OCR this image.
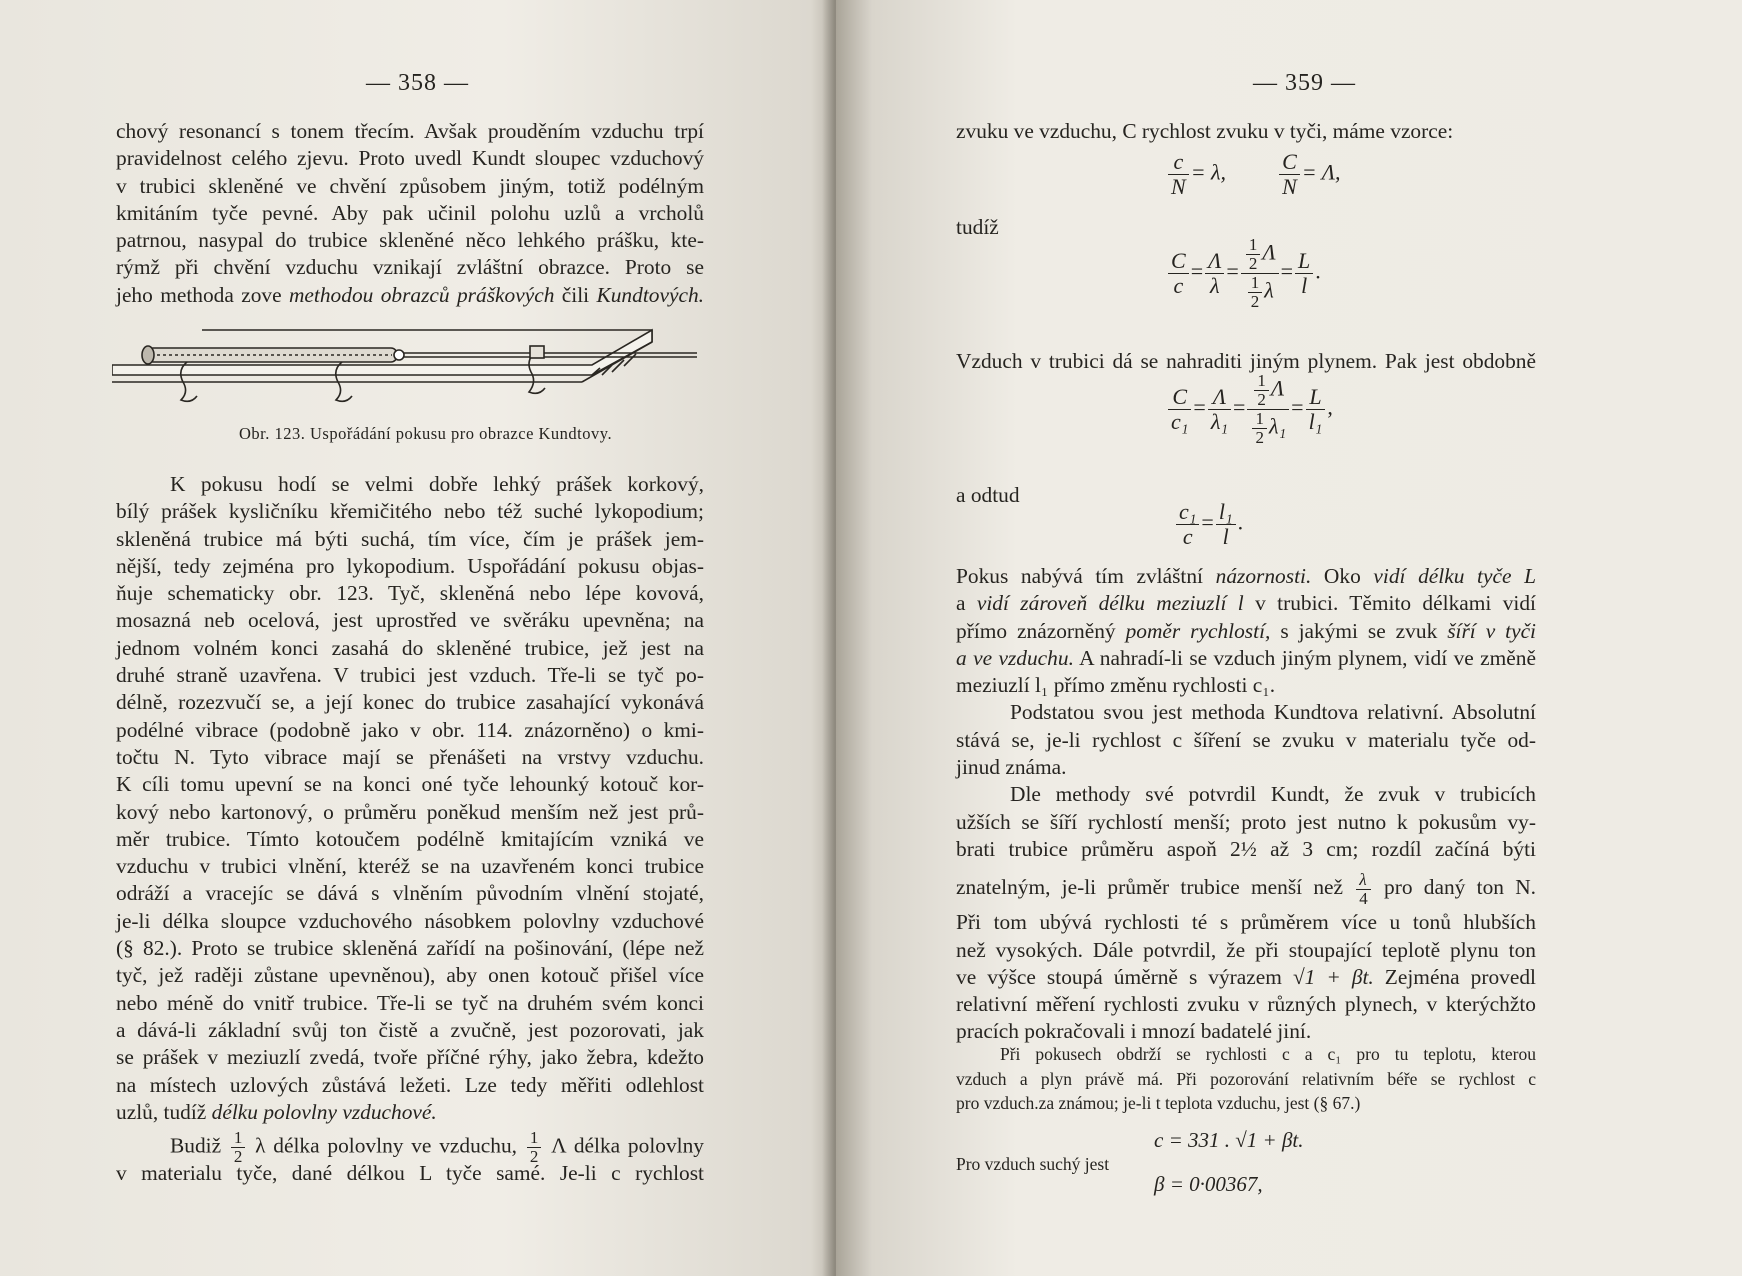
— 358 —
chový resonancí s tonem třecím. Avšak prouděním vzduchu trpí
pravidelnost celého zjevu. Proto uvedl Kundt sloupec vzduchový
v trubici skleněné ve chvění způsobem jiným, totiž podélným
kmitáním tyče pevné. Aby pak učinil polohu uzlů a vrcholů
patrnou, nasypal do trubice skleněné něco lehkého prášku, kte-
rýmž při chvění vzduchu vznikají zvláštní obrazce. Proto se
jeho methoda zove methodou obrazců práškových čili Kundtových.
Obr. 123. Uspořádání pokusu pro obrazce Kundtovy.
K pokusu hodí se velmi dobře lehký prášek korkový,
bílý prášek kysličníku křemičitého nebo též suché lykopodium;
skleněná trubice má býti suchá, tím více, čím je prášek jem-
nější, tedy zejména pro lykopodium. Uspořádání pokusu objas-
ňuje schematicky obr. 123. Tyč, skleněná nebo lépe kovová,
mosazná neb ocelová, jest uprostřed ve svěráku upevněna; na
jednom volném konci zasahá do skleněné trubice, jež jest na
druhé straně uzavřena. V trubici jest vzduch. Tře-li se tyč po-
délně, rozezvučí se, a její konec do trubice zasahající vykonává
podélné vibrace (podobně jako v obr. 114. znázorněno) o kmi-
točtu N. Tyto vibrace mají se přenášeti na vrstvy vzduchu.
K cíli tomu upevní se na konci oné tyče lehounký kotouč kor-
kový nebo kartonový, o průměru poněkud menším než jest prů-
měr trubice. Tímto kotoučem podélně kmitajícím vzniká ve
vzduchu v trubici vlnění, kteréž se na uzavřeném konci trubice
odráží a vracejíc se dává s vlněním původním vlnění stojaté,
je-li délka sloupce vzduchového násobkem polovlny vzduchové
(§ 82.). Proto se trubice skleněná zařídí na pošinování, (lépe než
tyč, jež raději zůstane upevněnou), aby onen kotouč přišel více
nebo méně do vnitř trubice. Tře-li se tyč na druhém svém konci
a dává-li základní svůj ton čistě a zvučně, jest pozorovati, jak
se prášek v meziuzlí zvedá, tvoře příčné rýhy, jako žebra, kdežto
na místech uzlových zůstává ležeti. Lze tedy měřiti odlehlost
uzlů, tudíž délku polovlny vzduchové.
Budiž $\frac{1}{2}$ λ délka polovlny ve vzduchu, $\frac{1}{2}$ Λ délka polovlny
v materialu tyče, dané délkou L tyče samé. Je-li c rychlost
— 359 —
zvuku ve vzduchu, C rychlost zvuku v tyči, máme vzorce:
$\frac{c}{N} = \lambda$, $\frac{C}{N} = \Lambda$,
tudíž
$\frac{C}{c} = \frac{\Lambda}{\lambda} = \frac{\frac{1}{2} \Lambda}{\frac{1}{2} \lambda} = \frac{L}{l}$ .
Vzduch v trubici dá se nahraditi jiným plynem. Pak jest obdobně
$\frac{C}{\text{c₁}} = \frac{\Lambda}{\text{λ₁}} = \frac{\frac{1}{2} \Lambda}{\frac{1}{2} \lambda_1} = \frac{L}{\text{l₁}}$ ,
a odtud
$\frac{\text{c₁}}{c} = \frac{\text{l₁}}{l}$ .
Pokus nabývá tím zvláštní názornosti. Oko vidí délku tyče L
a vidí zároveň délku meziuzlí l v trubici. Těmito délkami vidí
přímo znázorněný poměr rychlostí, s jakými se zvuk šíří v tyči
a ve vzduchu. A nahradí-li se vzduch jiným plynem, vidí ve změně
meziuzlí l₁ přímo změnu rychlosti c₁.
Podstatou svou jest methoda Kundtova relativní. Absolutní
stává se, je-li rychlost c šíření se zvuku v materialu tyče od-
jinud známa.
Dle methody své potvrdil Kundt, že zvuk v trubicích
užších se šíří rychlostí menší; proto jest nutno k pokusům vy-
brati trubice průměru aspoň 2½ až 3 cm; rozdíl začíná býti
znatelným, je-li průměr trubice menší než $\frac{\lambda}{4}$ pro daný ton N.
Při tom ubývá rychlosti té s průměrem více u tonů hlubších
než vysokých. Dále potvrdil, že při stoupající teplotě plynu ton
ve výšce stoupá úměrně s výrazem √1 + βt. Zejména provedl
relativní měření rychlosti zvuku v různých plynech, v kterýchžto
pracích pokračovali i mnozí badatelé jiní.
Při pokusech obdrží se rychlosti c a c₁ pro tu teplotu, kterou
vzduch a plyn právě má. Při pozorování relativním béře se rychlost c
pro vzduch.za známou; je-li t teplota vzduchu, jest (§ 67.)
c = 331 . √1 + βt.
Pro vzduch suchý jest
β = 0·00367,
